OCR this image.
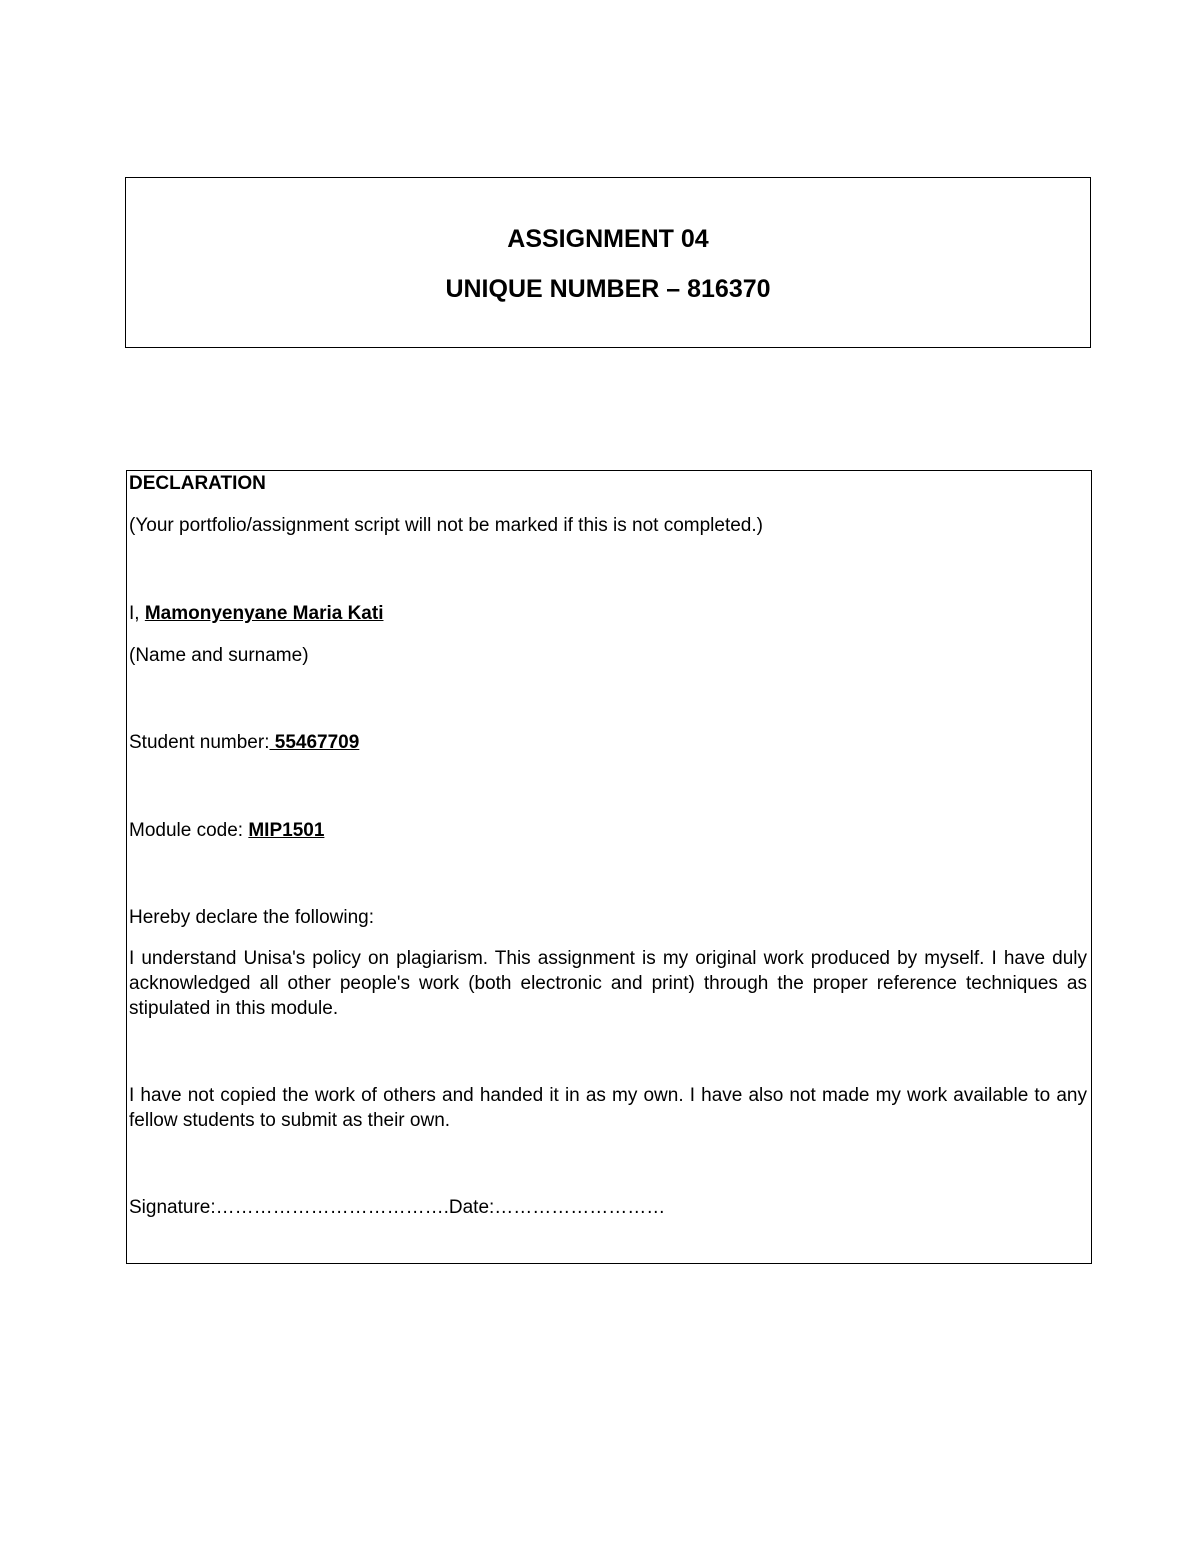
ASSIGNMENT 04
UNIQUE NUMBER – 816370
DECLARATION
(Your portfolio/assignment script will not be marked if this is not completed.)
I, Mamonyenyane Maria Kati
(Name and surname)
Student number: 55467709
Module code: MIP1501
Hereby declare the following:
I understand Unisa's policy on plagiarism. This assignment is my original work produced by myself. I have duly acknowledged all other people's work (both electronic and print) through the proper reference techniques as stipulated in this module.
I have not copied the work of others and handed it in as my own. I have also not made my work available to any fellow students to submit as their own.
Signature:……………………………….Date:………………………
